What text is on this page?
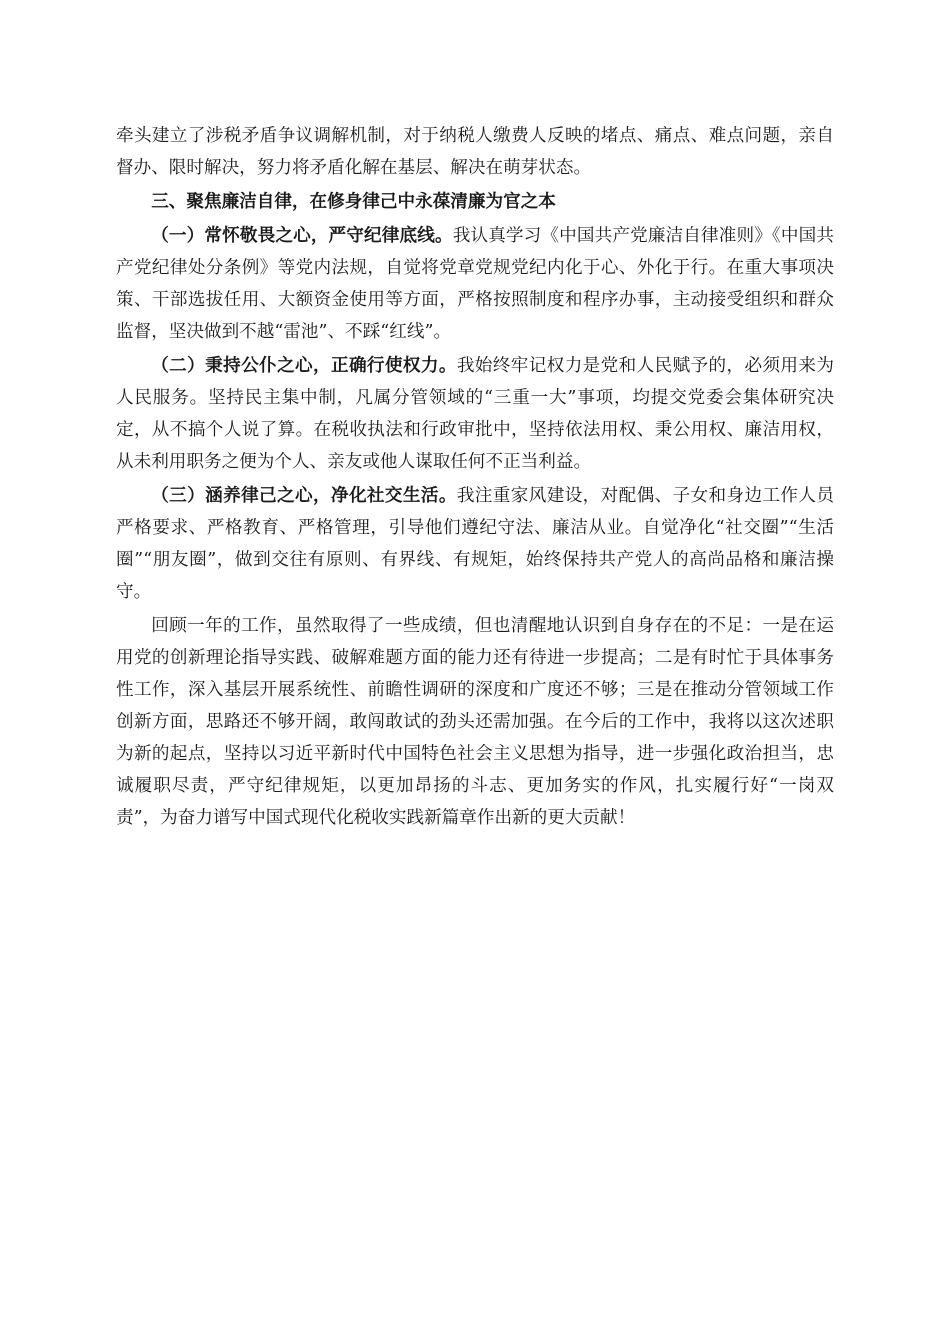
牵头建立了涉税矛盾争议调解机制，对于纳税人缴费人反映的堵点、痛点、难点问题，亲自督办、限时解决，努力将矛盾化解在基层、解决在萌芽状态。

三、聚焦廉洁自律，在修身律己中永葆清廉为官之本

（一）常怀敬畏之心，严守纪律底线。我认真学习《中国共产党廉洁自律准则》《中国共产党纪律处分条例》等党内法规，自觉将党章党规党纪内化于心、外化于行。在重大事项决策、干部选拔任用、大额资金使用等方面，严格按照制度和程序办事，主动接受组织和群众监督，坚决做到不越“雷池”、不踩“红线”。

（二）秉持公仆之心，正确行使权力。我始终牢记权力是党和人民赋予的，必须用来为人民服务。坚持民主集中制，凡属分管领域的“三重一大”事项，均提交党委会集体研究决定，从不搞个人说了算。在税收执法和行政审批中，坚持依法用权、秉公用权、廉洁用权，从未利用职务之便为个人、亲友或他人谋取任何不正当利益。

（三）涵养律己之心，净化社交生活。我注重家风建设，对配偶、子女和身边工作人员严格要求、严格教育、严格管理，引导他们遵纪守法、廉洁从业。自觉净化“社交圈”“生活圈”“朋友圈”，做到交往有原则、有界线、有规矩，始终保持共产党人的高尚品格和廉洁操守。

回顾一年的工作，虽然取得了一些成绩，但也清醒地认识到自身存在的不足：一是在运用党的创新理论指导实践、破解难题方面的能力还有待进一步提高；二是有时忙于具体事务性工作，深入基层开展系统性、前瞻性调研的深度和广度还不够；三是在推动分管领域工作创新方面，思路还不够开阔，敢闯敢试的劲头还需加强。在今后的工作中，我将以这次述职为新的起点，坚持以习近平新时代中国特色社会主义思想为指导，进一步强化政治担当，忠诚履职尽责，严守纪律规矩，以更加昂扬的斗志、更加务实的作风，扎实履行好“一岗双责”，为奋力谱写中国式现代化税收实践新篇章作出新的更大贡献！
